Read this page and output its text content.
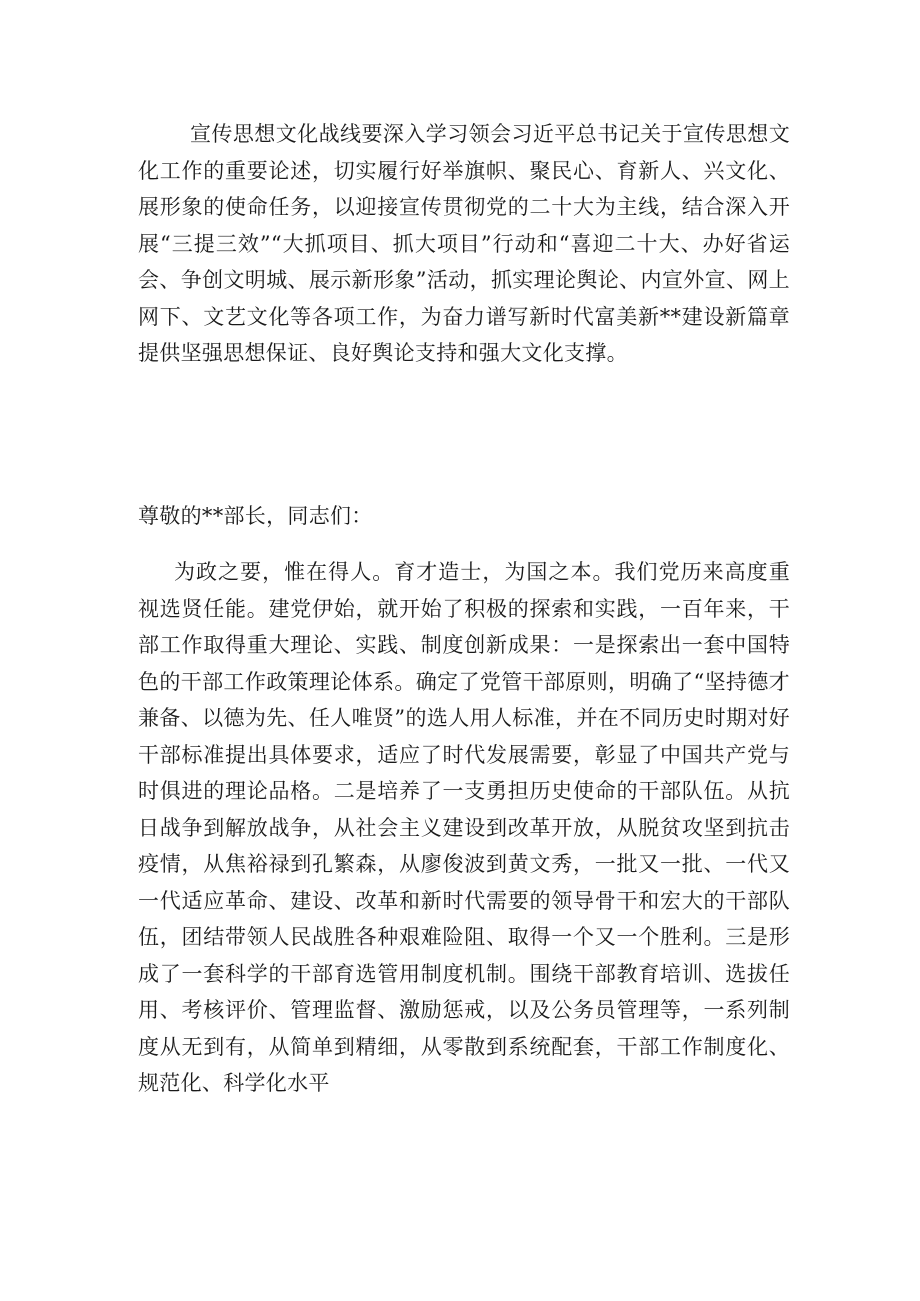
宣传思想文化战线要深入学习领会习近平总书记关于宣传思想文化工作的重要论述，切实履行好举旗帜、聚民心、育新人、兴文化、展形象的使命任务，以迎接宣传贯彻党的二十大为主线，结合深入开展“三提三效”“大抓项目、抓大项目”行动和“喜迎二十大、办好省运会、争创文明城、展示新形象”活动，抓实理论舆论、内宣外宣、网上网下、文艺文化等各项工作，为奋力谱写新时代富美新**建设新篇章提供坚强思想保证、良好舆论支持和强大文化支撑。

尊敬的**部长，同志们：

为政之要，惟在得人。育才造士，为国之本。我们党历来高度重视选贤任能。建党伊始，就开始了积极的探索和实践，一百年来，干部工作取得重大理论、实践、制度创新成果：一是探索出一套中国特色的干部工作政策理论体系。确定了党管干部原则，明确了“坚持德才兼备、以德为先、任人唯贤”的选人用人标准，并在不同历史时期对好干部标准提出具体要求，适应了时代发展需要，彰显了中国共产党与时俱进的理论品格。二是培养了一支勇担历史使命的干部队伍。从抗日战争到解放战争，从社会主义建设到改革开放，从脱贫攻坚到抗击疫情，从焦裕禄到孔繁森，从廖俊波到黄文秀，一批又一批、一代又一代适应革命、建设、改革和新时代需要的领导骨干和宏大的干部队伍，团结带领人民战胜各种艰难险阻、取得一个又一个胜利。三是形成了一套科学的干部育选管用制度机制。围绕干部教育培训、选拔任用、考核评价、管理监督、激励惩戒，以及公务员管理等，一系列制度从无到有，从简单到精细，从零散到系统配套，干部工作制度化、规范化、科学化水平
